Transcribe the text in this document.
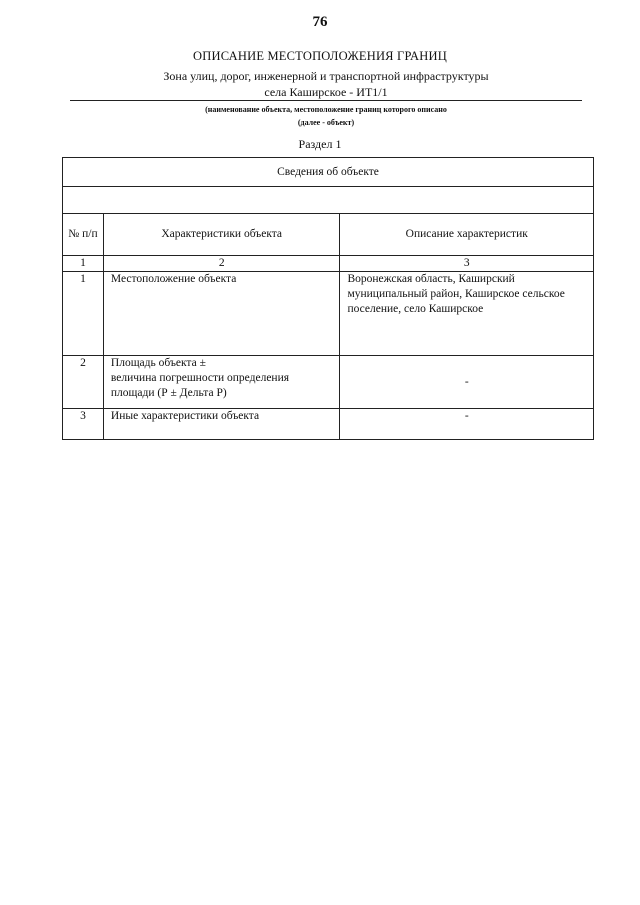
76
ОПИСАНИЕ МЕСТОПОЛОЖЕНИЯ ГРАНИЦ
Зона улиц, дорог, инженерной и транспортной инфраструктуры
села Каширское - ИТ1/1
(наименование объекта, местоположение границ которого описано
(далее - объект)
Раздел 1
Сведения об объекте		

№ п/п	Характеристики объекта	Описание характеристик
1	2	3
1	Местоположение объекта	Воронежская область, Каширский муниципальный район, Каширское сельское поселение, село Каширское
2	Площадь объекта ±
величина погрешности определения
площади (Р ± Дельта Р)	-
3	Иные характеристики объекта	-
